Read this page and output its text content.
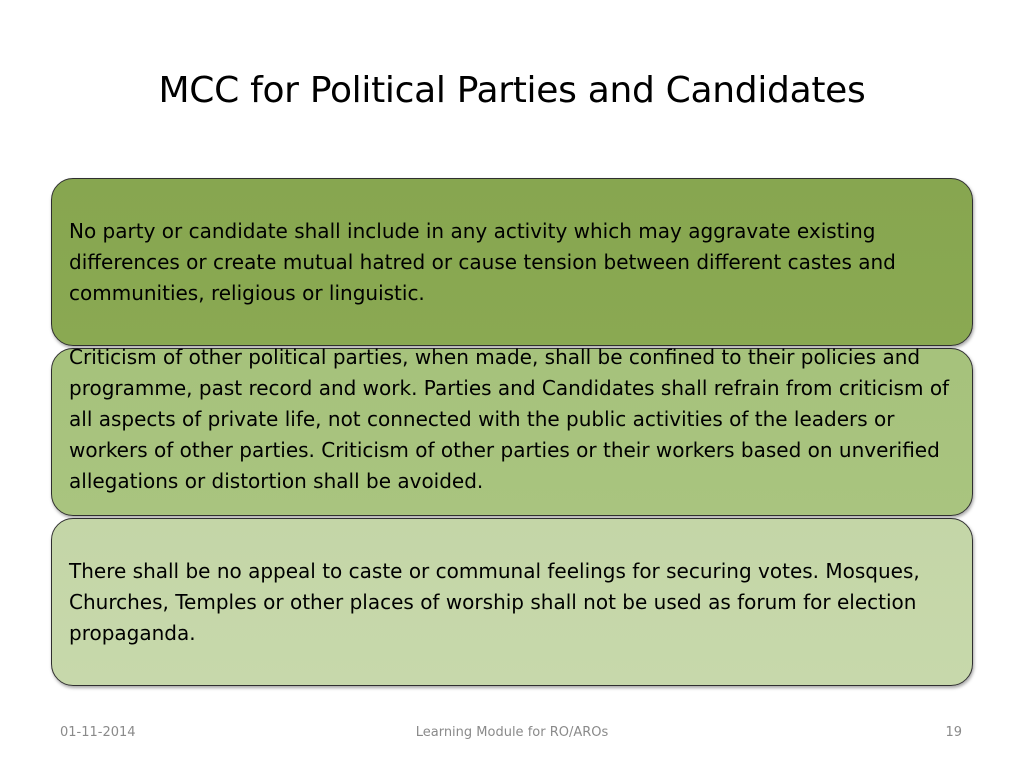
MCC for Political Parties and Candidates
No party or candidate shall include in any activity which may aggravate existing differences or create mutual hatred or cause tension between different castes and communities, religious or linguistic.
Criticism of other political parties, when made, shall be confined to their policies and programme, past record and work. Parties and Candidates shall refrain from criticism of all aspects of private life, not connected with the public activities of the leaders or workers of other parties. Criticism of other parties or their workers based on unverified allegations or distortion shall be avoided.
There shall be no appeal to caste or communal feelings for securing votes. Mosques, Churches, Temples or other places of worship shall not be used as forum for election propaganda.
01-11-2014	Learning Module for RO/AROs	19
